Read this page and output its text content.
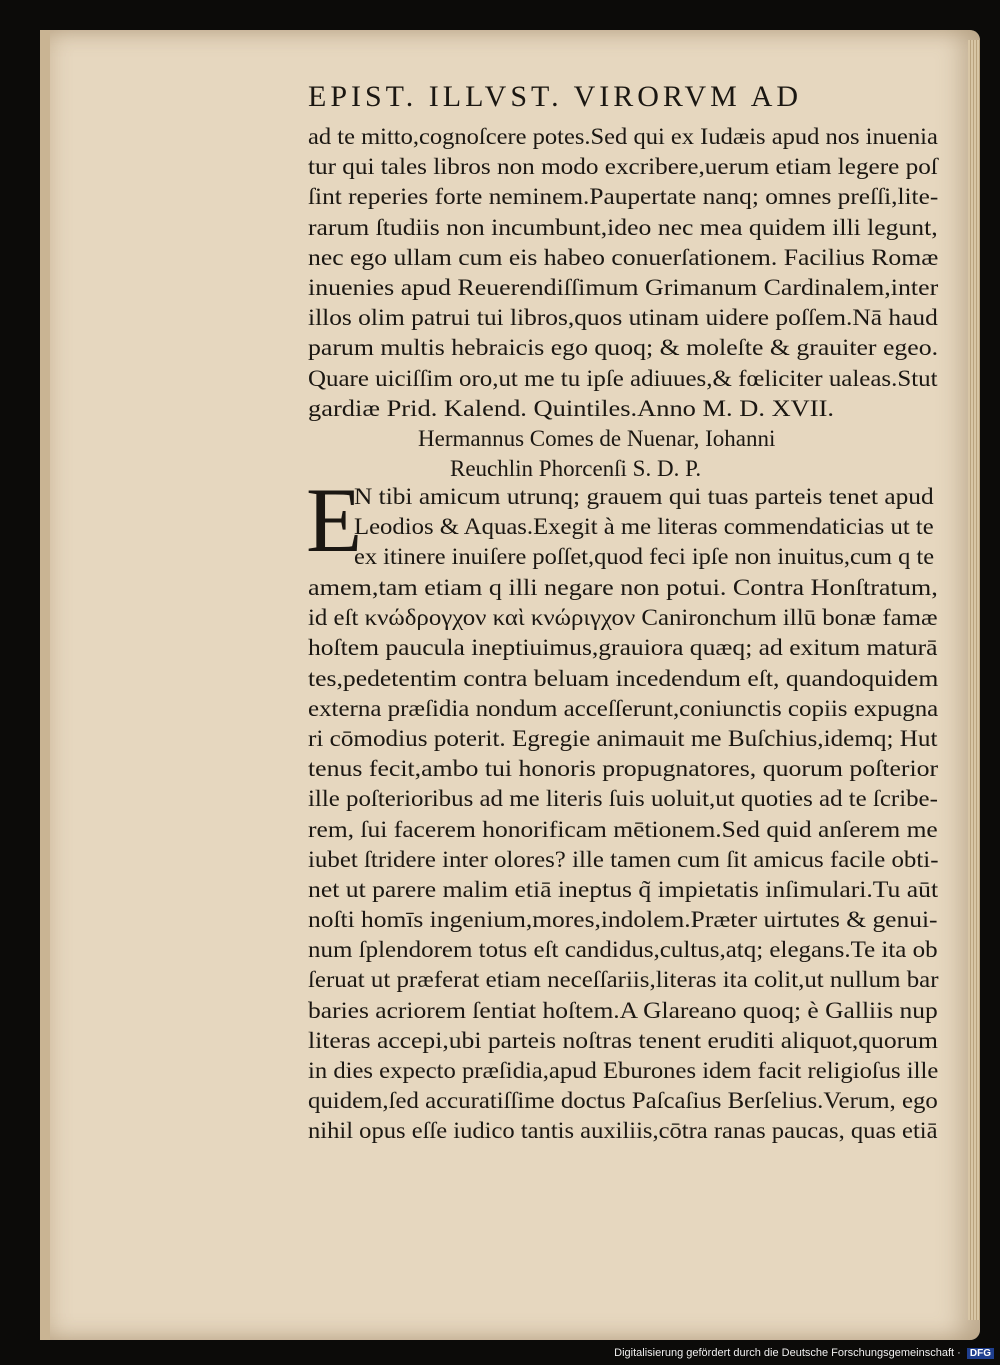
EPIST. ILLVST. VIRORVM AD
ad te mitto,cognoſcere potes.Sed qui ex Iudæis apud nos inuenia
tur qui tales libros non modo excribere,uerum etiam legere poſ
ſint reperies forte neminem.Paupertate nanq; omnes preſſi,lite-
rarum ſtudiis non incumbunt,ideo nec mea quidem illi legunt,
nec ego ullam cum eis habeo conuerſationem. Facilius Romæ
inuenies apud Reuerendiſſimum Grimanum Cardinalem,inter
illos olim patrui tui libros,quos utinam uidere poſſem.Nā haud
parum multis hebraicis ego quoq; & moleſte & grauiter egeo.
Quare uiciſſim oro,ut me tu ipſe adiuues,& fœliciter ualeas.Stut
gardiæ Prid. Kalend. Quintiles.Anno M. D. XVII.
Hermannus Comes de Nuenar, Iohanni
Reuchlin Phorcenſi S. D. P.
E
N tibi amicum utrunq; grauem qui tuas parteis tenet apud
Leodios & Aquas.Exegit à me literas commendaticias ut te
ex itinere inuiſere poſſet,quod feci ipſe non inuitus,cum q te
amem,tam etiam q illi negare non potui. Contra Honſtratum,
id eſt κνώδρογχον καὶ κνώριγχον Canironchum illū bonæ famæ
hoſtem paucula ineptiuimus,grauiora quæq; ad exitum maturā
tes,pedetentim contra beluam incedendum eſt, quandoquidem
externa præſidia nondum acceſſerunt,coniunctis copiis expugna
ri cōmodius poterit. Egregie animauit me Buſchius,idemq; Hut
tenus fecit,ambo tui honoris propugnatores, quorum poſterior
ille poſterioribus ad me literis ſuis uoluit,ut quoties ad te ſcribe-
rem, ſui facerem honorificam mētionem.Sed quid anſerem me
iubet ſtridere inter olores? ille tamen cum ſit amicus facile obti-
net ut parere malim etiā ineptus q̃ impietatis inſimulari.Tu aūt
noſti homīs ingenium,mores,indolem.Præter uirtutes & genui-
num ſplendorem totus eſt candidus,cultus,atq; elegans.Te ita ob
ſeruat ut præferat etiam neceſſariis,literas ita colit,ut nullum bar
baries acriorem ſentiat hoſtem.A Glareano quoq; è Galliis nup
literas accepi,ubi parteis noſtras tenent eruditi aliquot,quorum
in dies expecto præſidia,apud Eburones idem facit religioſus ille
quidem,ſed accuratiſſime doctus Paſcaſius Berſelius.Verum, ego
nihil opus eſſe iudico tantis auxiliis,cōtra ranas paucas, quas etiā
Digitalisierung gefördert durch die Deutsche Forschungsgemeinschaft · DFG
